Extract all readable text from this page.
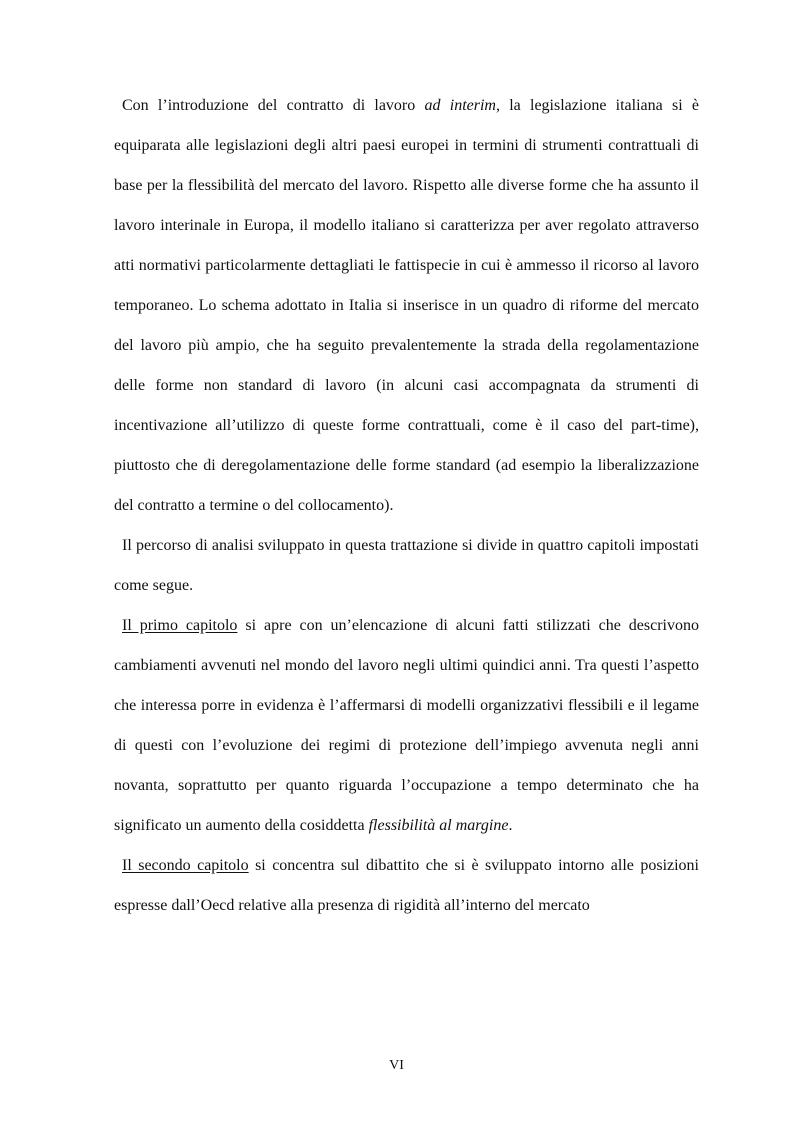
Con l’introduzione del contratto di lavoro ad interim, la legislazione italiana si è equiparata alle legislazioni degli altri paesi europei in termini di strumenti contrattuali di base per la flessibilità del mercato del lavoro. Rispetto alle diverse forme che ha assunto il lavoro interinale in Europa, il modello italiano si caratterizza per aver regolato attraverso atti normativi particolarmente dettagliati le fattispecie in cui è ammesso il ricorso al lavoro temporaneo. Lo schema adottato in Italia si inserisce in un quadro di riforme del mercato del lavoro più ampio, che ha seguito prevalentemente la strada della regolamentazione delle forme non standard di lavoro (in alcuni casi accompagnata da strumenti di incentivazione all’utilizzo di queste forme contrattuali, come è il caso del part-time), piuttosto che di deregolamentazione delle forme standard (ad esempio la liberalizzazione del contratto a termine o del collocamento).

Il percorso di analisi sviluppato in questa trattazione si divide in quattro capitoli impostati come segue.

Il primo capitolo si apre con un’elencazione di alcuni fatti stilizzati che descrivono cambiamenti avvenuti nel mondo del lavoro negli ultimi quindici anni. Tra questi l’aspetto che interessa porre in evidenza è l’affermarsi di modelli organizzativi flessibili e il legame di questi con l’evoluzione dei regimi di protezione dell’impiego avvenuta negli anni novanta, soprattutto per quanto riguarda l’occupazione a tempo determinato che ha significato un aumento della cosiddetta flessibilità al margine.

Il secondo capitolo si concentra sul dibattito che si è sviluppato intorno alle posizioni espresse dall’Oecd relative alla presenza di rigidità all’interno del mercato

VI
